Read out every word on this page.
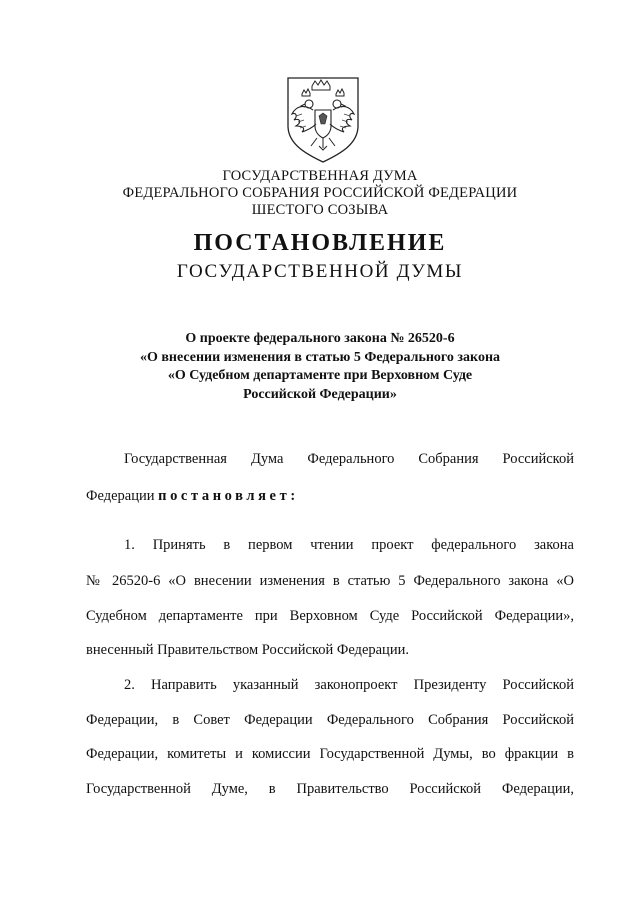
ГОСУДАРСТВЕННАЯ ДУМА
ФЕДЕРАЛЬНОГО СОБРАНИЯ РОССИЙСКОЙ ФЕДЕРАЦИИ
ШЕСТОГО СОЗЫВА
ПОСТАНОВЛЕНИЕ
ГОСУДАРСТВЕННОЙ ДУМЫ
О проекте федерального закона № 26520-6
«О внесении изменения в статью 5 Федерального закона
«О Судебном департаменте при Верховном Суде
Российской Федерации»
Государственная Дума Федерального Собрания Российской
Федерации постановляет:
1. Принять в первом чтении проект федерального закона
№ 26520-6 «О внесении изменения в статью 5 Федерального закона «О
Судебном департаменте при Верховном Суде Российской Федерации»,
внесенный Правительством Российской Федерации.
2. Направить указанный законопроект Президенту Российской
Федерации, в Совет Федерации Федерального Собрания Российской
Федерации, комитеты и комиссии Государственной Думы, во фракции в
Государственной Думе, в Правительство Российской Федерации,
